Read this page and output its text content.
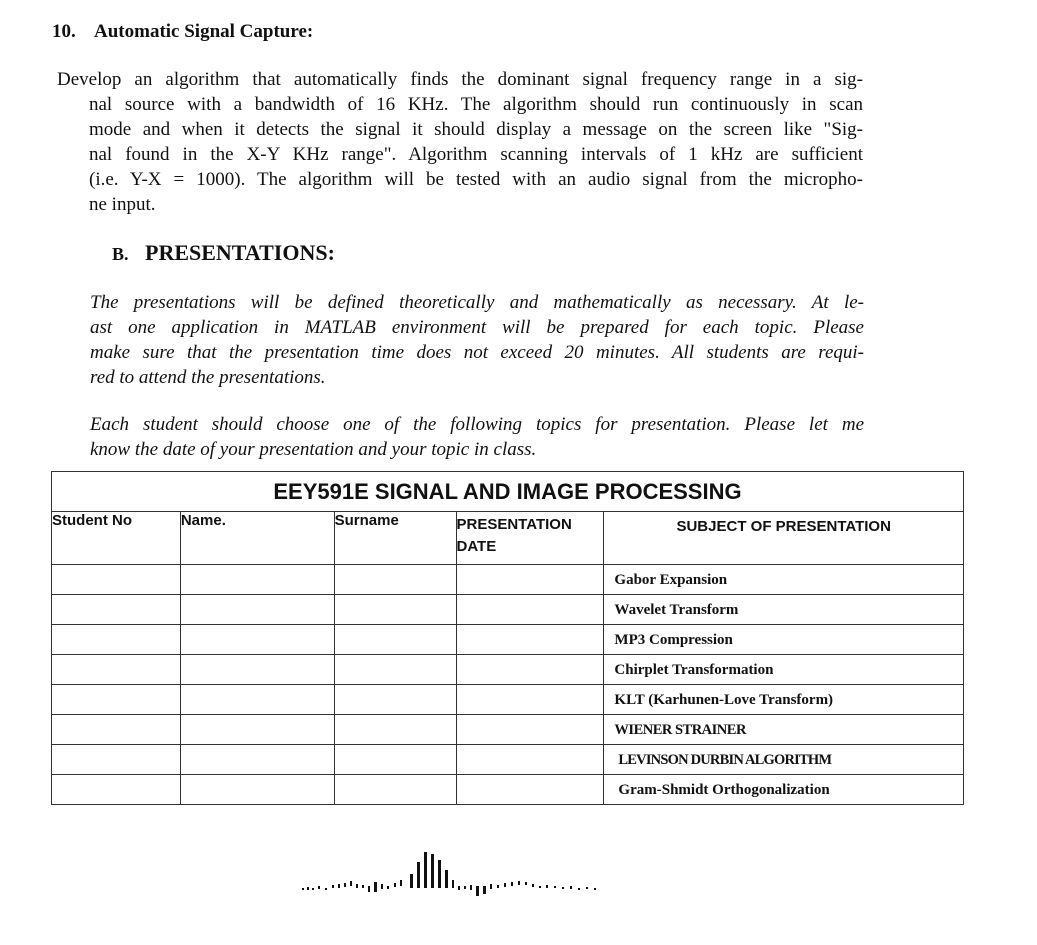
10. Automatic Signal Capture:
Develop an algorithm that automatically finds the dominant signal frequency range in a sig-
nal source with a bandwidth of 16 KHz. The algorithm should run continuously in scan
mode and when it detects the signal it should display a message on the screen like "Sig-
nal found in the X-Y KHz range". Algorithm scanning intervals of 1 kHz are sufficient
(i.e. Y-X = 1000). The algorithm will be tested with an audio signal from the micropho-
ne input.
B. PRESENTATIONS:
The presentations will be defined theoretically and mathematically as necessary. At le-
ast one application in MATLAB environment will be prepared for each topic. Please
make sure that the presentation time does not exceed 20 minutes. All students are requi-
red to attend the presentations.
Each student should choose one of the following topics for presentation. Please let me
know the date of your presentation and your topic in class.
EEY591E SIGNAL AND IMAGE PROCESSING				
Student No	Name.	Surname	PRESENTATION DATE	SUBJECT OF PRESENTATION
				Gabor Expansion
				Wavelet Transform
				MP3 Compression
				Chirplet Transformation
				KLT (Karhunen-Love Transform)
				WIENER STRAINER
				LEVINSON DURBIN ALGORITHM
				Gram-Shmidt Orthogonalization
